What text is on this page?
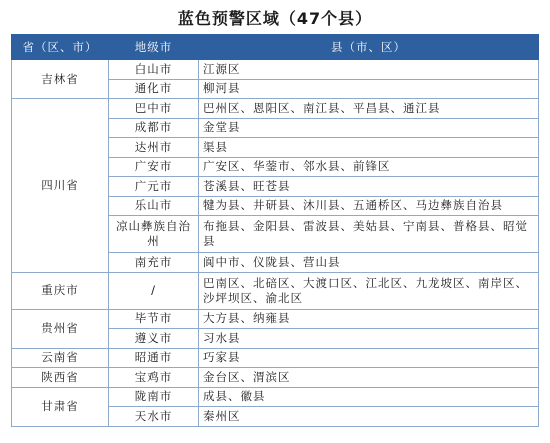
蓝色预警区域（47个县）
省（区、市）	地级市	县（市、区）
吉林省	白山市	江源区
	通化市	柳河县
四川省	巴中市	巴州区、恩阳区、南江县、平昌县、通江县
	成都市	金堂县
	达州市	渠县
	广安市	广安区、华蓥市、邻水县、前锋区
	广元市	苍溪县、旺苍县
	乐山市	犍为县、井研县、沐川县、五通桥区、马边彝族自治县
	凉山彝族自治州	布拖县、金阳县、雷波县、美姑县、宁南县、普格县、昭觉县
	南充市	阆中市、仪陇县、营山县
重庆市	/	巴南区、北碚区、大渡口区、江北区、九龙坡区、南岸区、沙坪坝区、渝北区
贵州省	毕节市	大方县、纳雍县
	遵义市	习水县
云南省	昭通市	巧家县
陕西省	宝鸡市	金台区、渭滨区
甘肃省	陇南市	成县、徽县
	天水市	秦州区
